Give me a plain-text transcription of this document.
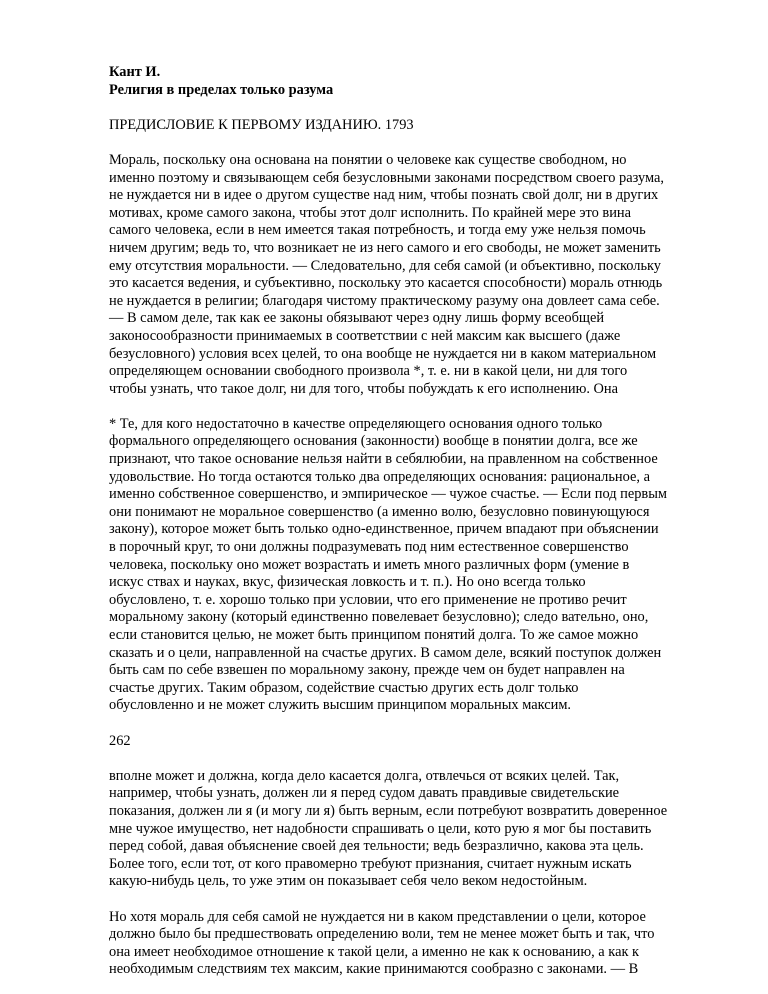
Кант И.
Религия в пределах только разума
ПРЕДИСЛОВИЕ К ПЕРВОМУ ИЗДАНИЮ. 1793
Мораль, поскольку она основана на понятии о человеке как существе свободном, но
именно поэтому и связывающем себя безусловными законами посредством своего разума,
не нуждается ни в идее о другом существе над ним, чтобы познать свой долг, ни в других
мотивах, кроме самого закона, чтобы этот долг исполнить. По крайней мере это вина
самого человека, если в нем имеется такая потребность, и тогда ему уже нельзя помочь
ничем другим; ведь то, что возникает не из него самого и его свободы, не может заменить
ему отсутствия моральности. — Следовательно, для себя самой (и объективно, поскольку
это касается ведения, и субъективно, поскольку это касается способности) мораль отнюдь
не нуждается в религии; благодаря чистому практическому разуму она довлеет сама себе.
— В самом деле, так как ее законы обязывают через одну лишь форму всеобщей
законосообразности принимаемых в соответствии с ней максим как высшего (даже
безусловного) условия всех целей, то она вообще не нуждается ни в каком материальном
определяющем основании свободного произвола *, т. е. ни в какой цели, ни для того
чтобы узнать, что такое долг, ни для того, чтобы побуждать к его исполнению. Она
* Те, для кого недостаточно в качестве определяющего основания одного только
формального определяющего основания (законности) вообще в понятии долга, все же
признают, что такое основание нельзя найти в себялюбии, на правленном на собственное
удовольствие. Но тогда остаются только два определяющих основания: рациональное, а
именно собственное совершенство, и эмпирическое — чужое счастье. — Если под первым
они понимают не моральное совершенство (а именно волю, безусловно повинующуюся
закону), которое может быть только одно-единственное, причем впадают при объяснении
в порочный круг, то они должны подразумевать под ним естественное совершенство
человека, поскольку оно может возрастать и иметь много различных форм (умение в
искус ствах и науках, вкус, физическая ловкость и т. п.). Но оно всегда только
обусловлено, т. е. хорошо только при условии, что его применение не противо речит
моральному закону (который единственно повелевает безусловно); следо вательно, оно,
если становится целью, не может быть принципом понятий долга. То же самое можно
сказать и о цели, направленной на счастье других. В самом деле, всякий поступок должен
быть сам по себе взвешен по моральному закону, прежде чем он будет направлен на
счастье других. Таким образом, содействие счастью других есть долг только
обусловленно и не может служить высшим принципом моральных максим.
262
вполне может и должна, когда дело касается долга, отвлечься от всяких целей. Так,
например, чтобы узнать, должен ли я перед судом давать правдивые свидетельские
показания, должен ли я (и могу ли я) быть верным, если потребуют возвратить доверенное
мне чужое имущество, нет надобности спрашивать о цели, кото рую я мог бы поставить
перед собой, давая объяснение своей дея тельности; ведь безразлично, какова эта цель.
Более того, если тот, от кого правомерно требуют признания, считает нужным искать
какую-нибудь цель, то уже этим он показывает себя чело веком недостойным.
Но хотя мораль для себя самой не нуждается ни в каком представлении о цели, которое
должно было бы предшествовать определению воли, тем не менее может быть и так, что
она имеет необходимое отношение к такой цели, а именно не как к основанию, а как к
необходимым следствиям тех максим, какие принимаются сообразно с законами. — В
